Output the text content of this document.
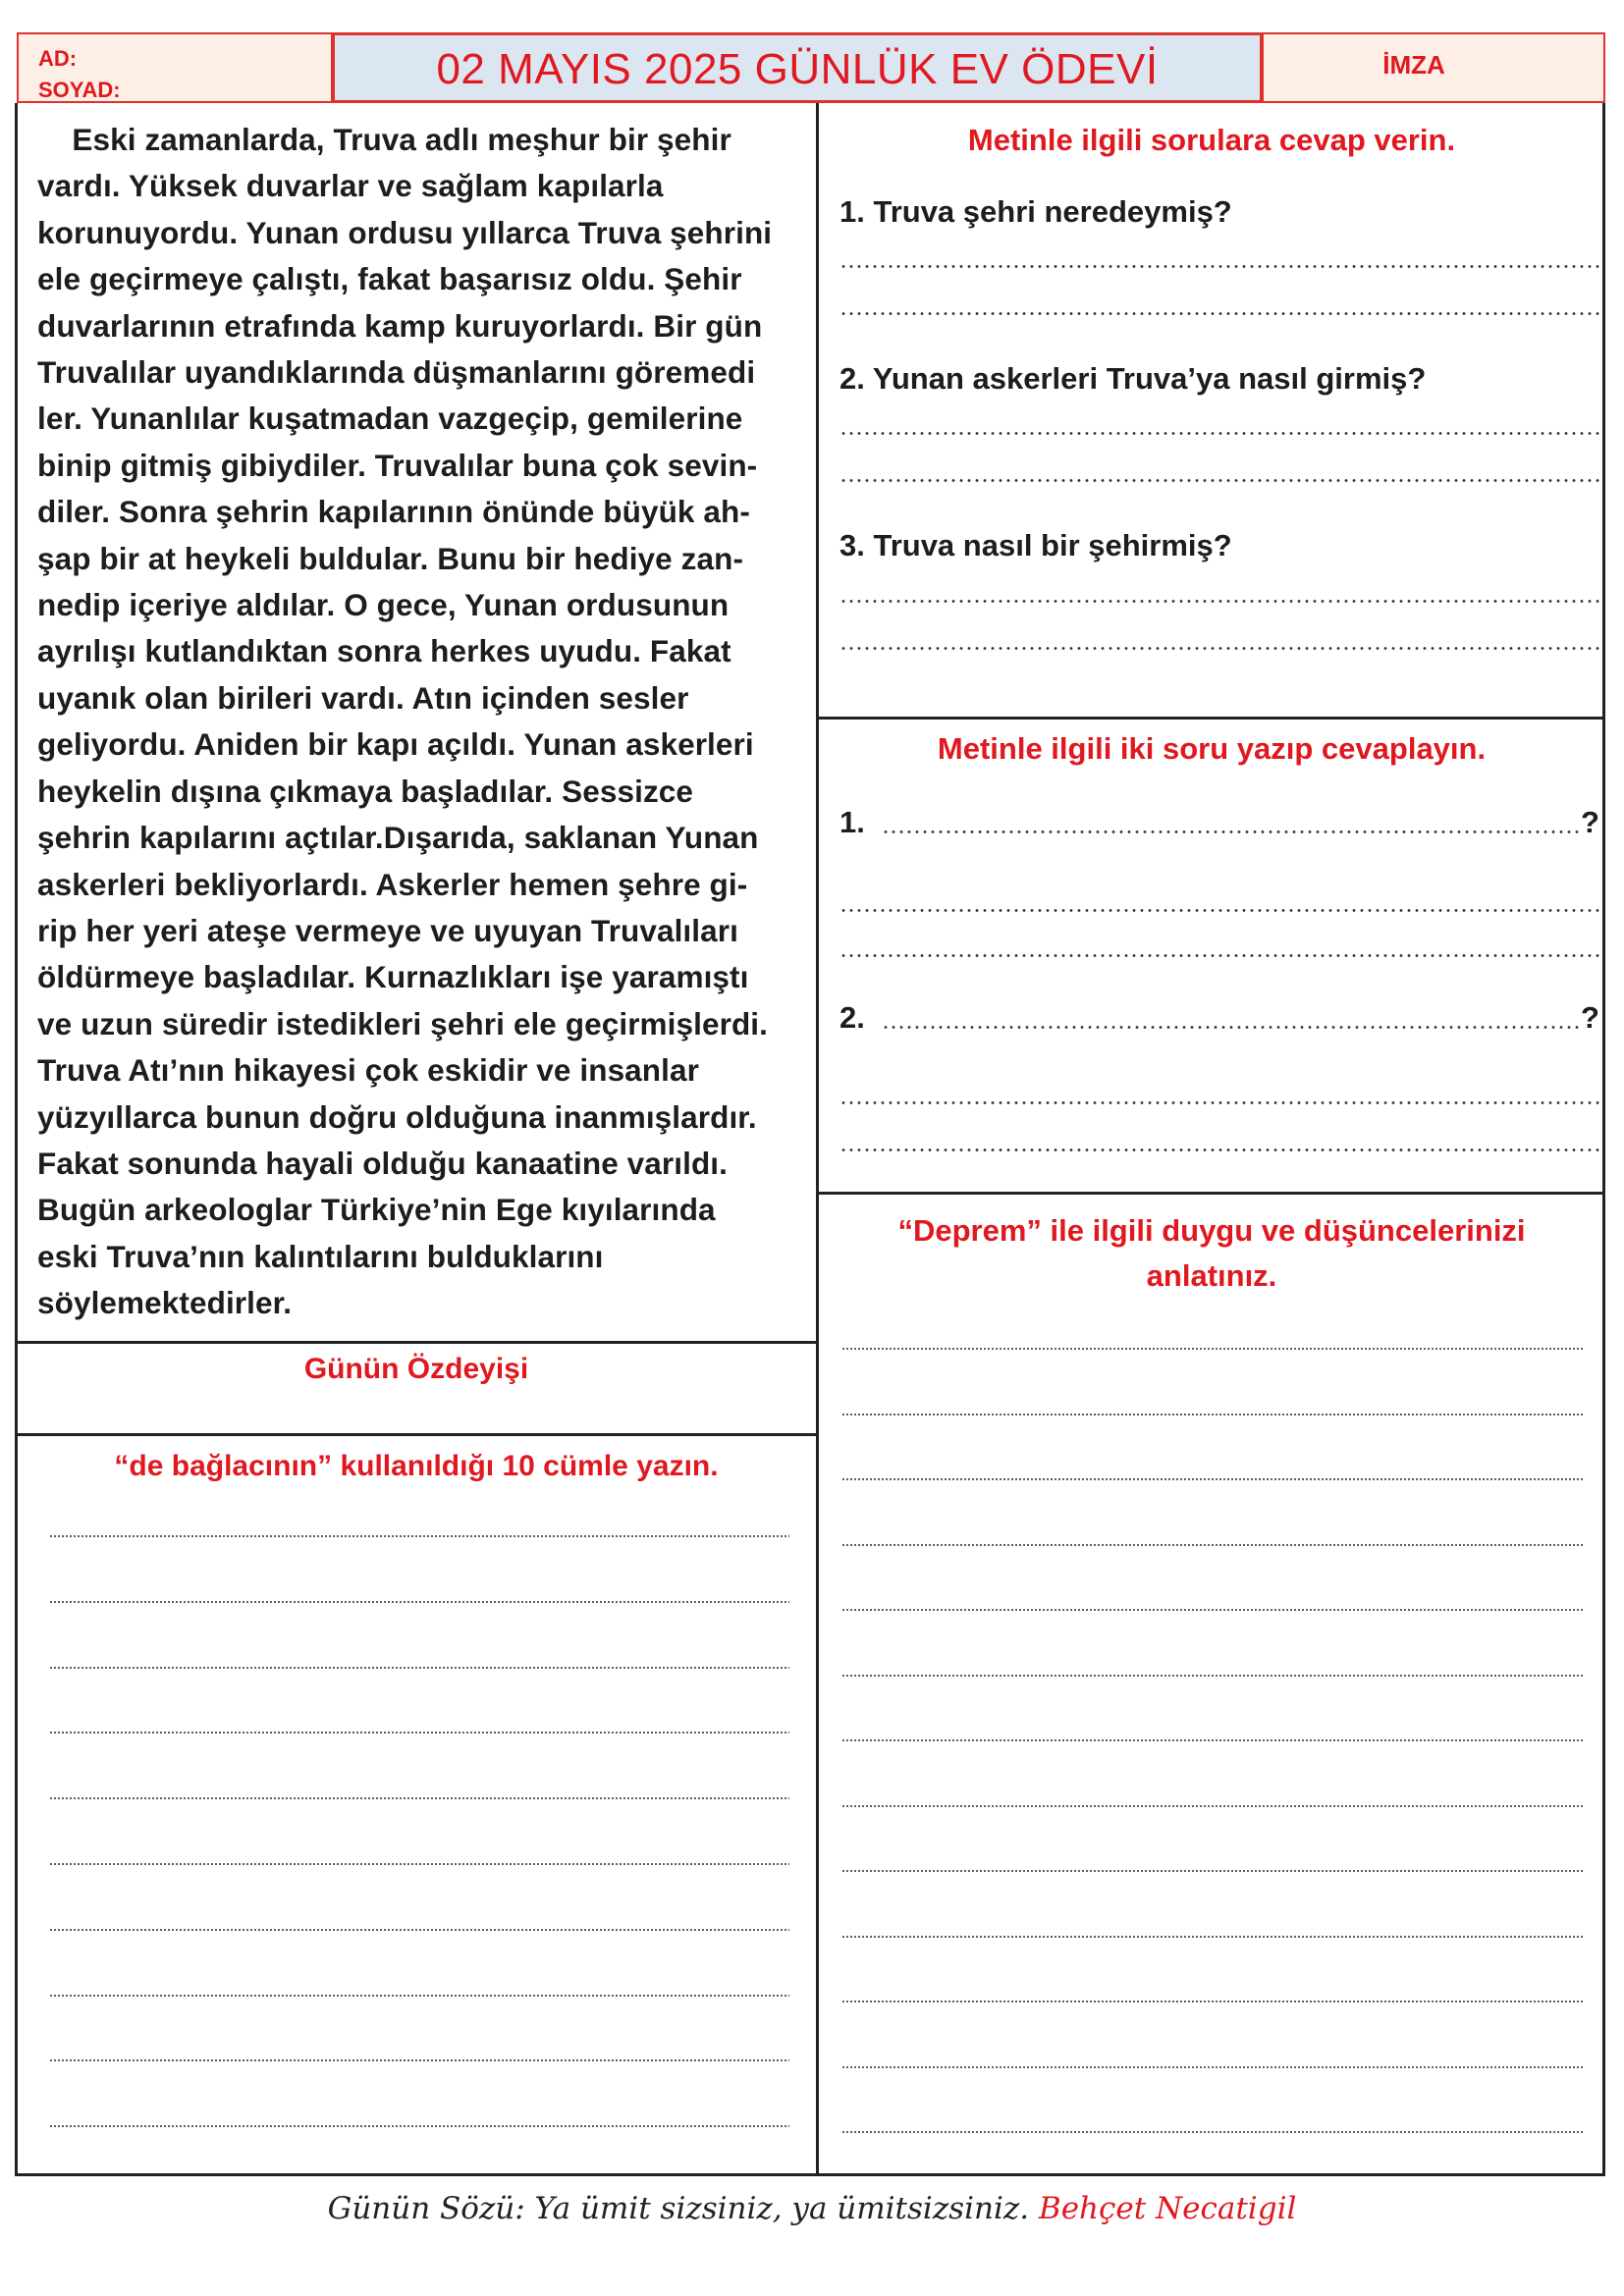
AD:
SOYAD:	02 MAYIS 2025 GÜNLÜK EV ÖDEVİ	İMZA
Eski zamanlarda, Truva adlı meşhur bir şehir
vardı. Yüksek duvarlar ve sağlam kapılarla
korunuyordu. Yunan ordusu yıllarca Truva şehrini
ele geçirmeye çalıştı, fakat başarısız oldu. Şehir
duvarlarının etrafında kamp kuruyorlardı. Bir gün
Truvalılar uyandıklarında düşmanlarını göremedi
ler. Yunanlılar kuşatmadan vazgeçip, gemilerine
binip gitmiş gibiydiler. Truvalılar buna çok sevin-
diler. Sonra şehrin kapılarının önünde büyük ah-
şap bir at heykeli buldular. Bunu bir hediye zan-
nedip içeriye aldılar. O gece, Yunan ordusunun
ayrılışı kutlandıktan sonra herkes uyudu. Fakat
uyanık olan birileri vardı. Atın içinden sesler
geliyordu. Aniden bir kapı açıldı. Yunan askerleri
heykelin dışına çıkmaya başladılar. Sessizce
şehrin kapılarını açtılar.Dışarıda, saklanan Yunan
askerleri bekliyorlardı. Askerler hemen şehre gi-
rip her yeri ateşe vermeye ve uyuyan Truvalıları
öldürmeye başladılar. Kurnazlıkları işe yaramıştı
ve uzun süredir istedikleri şehri ele geçirmişlerdi.
Truva Atı’nın hikayesi çok eskidir ve insanlar
yüzyıllarca bunun doğru olduğuna inanmışlardır.
Fakat sonunda hayali olduğu kanaatine varıldı.
Bugün arkeologlar Türkiye’nin Ege kıyılarında
eski Truva’nın kalıntılarını bulduklarını
söylemektedirler.
Günün Özdeyişi
“de bağlacının” kullanıldığı 10 cümle yazın.
Metinle ilgili sorulara cevap verin.
1. Truva şehri neredeymiş?
2. Yunan askerleri Truva’ya nasıl girmiş?
3. Truva nasıl bir şehirmiş?
Metinle ilgili iki soru yazıp cevaplayın.
1.	?
2.	?
“Deprem” ile ilgili duygu ve düşüncelerinizi
anlatınız.
Günün Sözü: Ya ümit sizsiniz, ya ümitsizsiniz. Behçet Necatigil
